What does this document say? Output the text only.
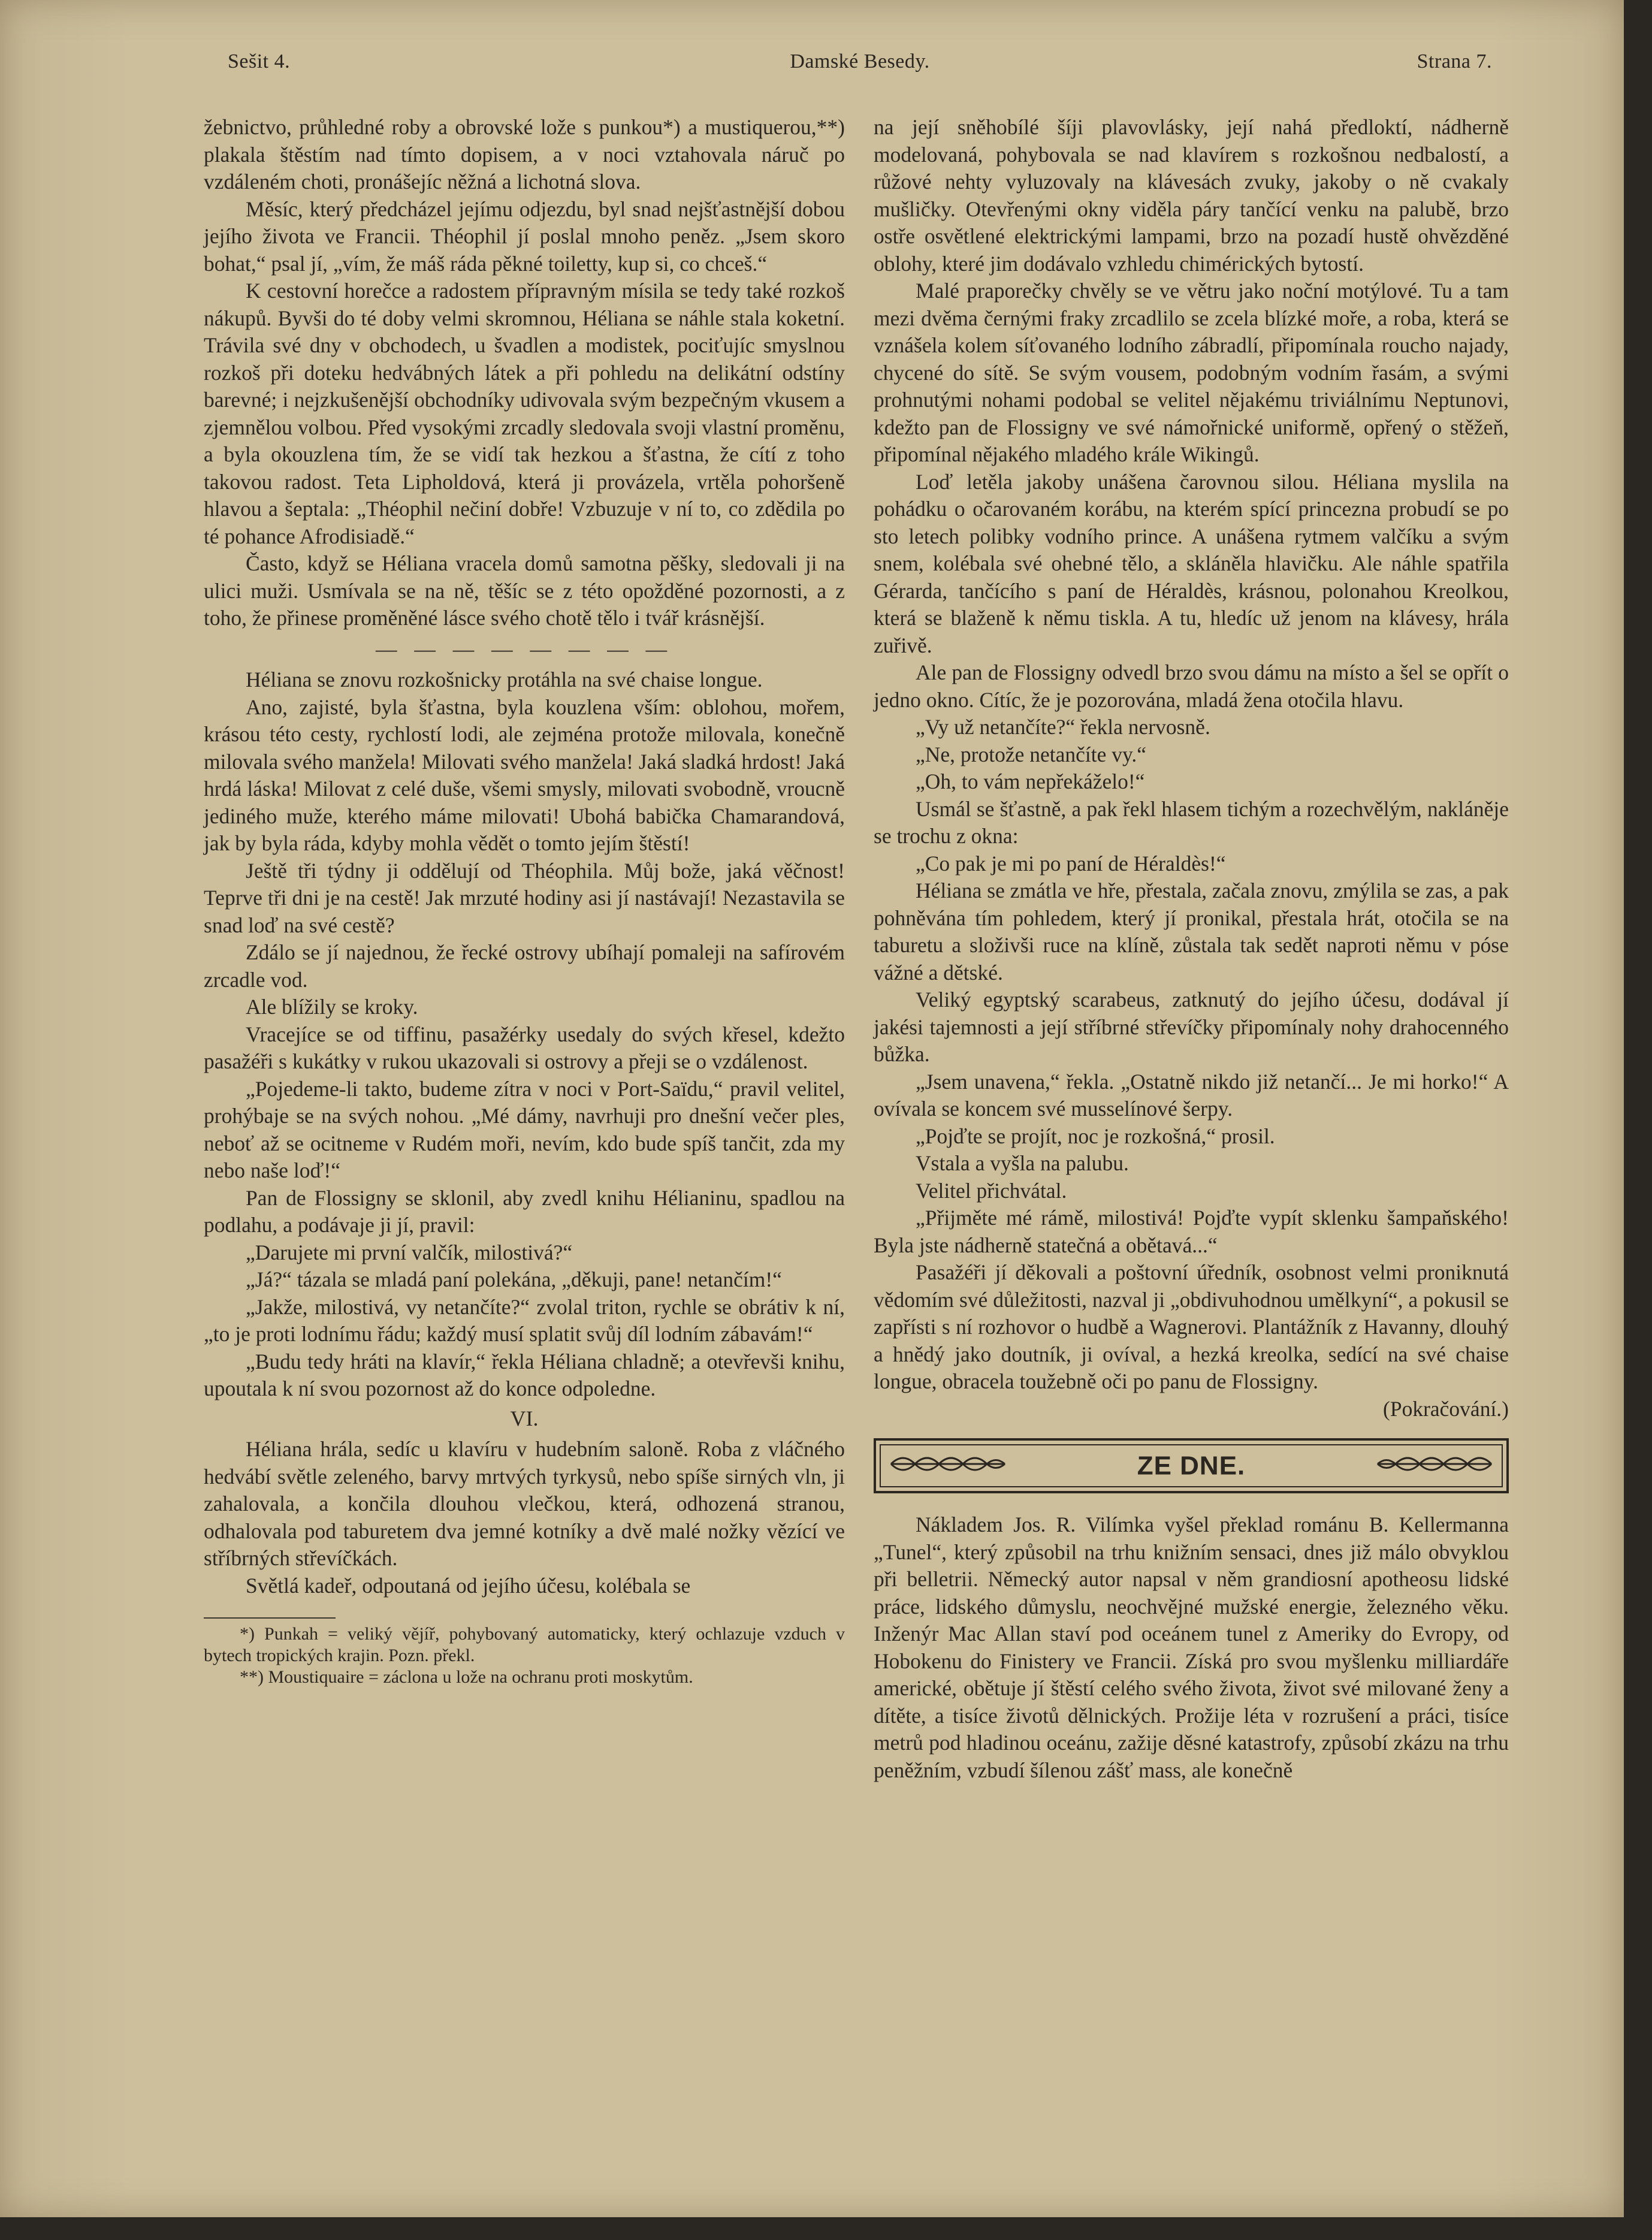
Sešit 4.	Damské Besedy.	Strana 7.

žebnictvo, průhledné roby a obrovské lože s punkou*) a mustiquerou,**) plakala štěstím nad tímto dopisem, a v noci vztahovala náruč po vzdáleném choti, pronášejíc něžná a lichotná slova.

Měsíc, který předcházel jejímu odjezdu, byl snad nejšťastnější dobou jejího života ve Francii. Théophil jí poslal mnoho peněz. „Jsem skoro bohat,“ psal jí, „vím, že máš ráda pěkné toiletty, kup si, co chceš.“

K cestovní horečce a radostem přípravným mísila se tedy také rozkoš nákupů. Byvši do té doby velmi skromnou, Héliana se náhle stala koketní. Trávila své dny v obchodech, u švadlen a modistek, pociťujíc smyslnou rozkoš při doteku hedvábných látek a při pohledu na delikátní odstíny barevné; i nejzkušenější obchodníky udivovala svým bezpečným vkusem a zjemnělou volbou. Před vysokými zrcadly sledovala svoji vlastní proměnu, a byla okouzlena tím, že se vidí tak hezkou a šťastna, že cítí z toho takovou radost. Teta Lipholdová, která ji provázela, vrtěla pohoršeně hlavou a šeptala: „Théophil nečiní dobře! Vzbuzuje v ní to, co zdědila po té pohance Afrodisiadě.“

Často, když se Héliana vracela domů samotna pěšky, sledovali ji na ulici muži. Usmívala se na ně, těšíc se z této opožděné pozornosti, a z toho, že přinese proměněné lásce svého chotě tělo i tvář krásnější.

— — — — — — — —

Héliana se znovu rozkošnicky protáhla na své chaise longue.

Ano, zajisté, byla šťastna, byla kouzlena vším: oblohou, mořem, krásou této cesty, rychlostí lodi, ale zejména protože milovala, konečně milovala svého manžela! Milovati svého manžela! Jaká sladká hrdost! Jaká hrdá láska! Milovat z celé duše, všemi smysly, milovati svobodně, vroucně jediného muže, kterého máme milovati! Ubohá babička Chamarandová, jak by byla ráda, kdyby mohla vědět o tomto jejím štěstí!

Ještě tři týdny ji oddělují od Théophila. Můj bože, jaká věčnost! Teprve tři dni je na cestě! Jak mrzuté hodiny asi jí nastávají! Nezastavila se snad loď na své cestě?

Zdálo se jí najednou, že řecké ostrovy ubíhají pomaleji na safírovém zrcadle vod.

Ale blížily se kroky.

Vracejíce se od tiffinu, pasažérky usedaly do svých křesel, kdežto pasažéři s kukátky v rukou ukazovali si ostrovy a přeji se o vzdálenost.

„Pojedeme-li takto, budeme zítra v noci v Port-Saïdu,“ pravil velitel, prohýbaje se na svých nohou. „Mé dámy, navrhuji pro dnešní večer ples, neboť až se ocitneme v Rudém moři, nevím, kdo bude spíš tančit, zda my nebo naše loď!“

Pan de Flossigny se sklonil, aby zvedl knihu Hélianinu, spadlou na podlahu, a podávaje ji jí, pravil:

„Darujete mi první valčík, milostivá?“

„Já?“ tázala se mladá paní polekána, „děkuji, pane! netančím!“

„Jakže, milostivá, vy netančíte?“ zvolal triton, rychle se obrátiv k ní, „to je proti lodnímu řádu; každý musí splatit svůj díl lodním zábavám!“

„Budu tedy hráti na klavír,“ řekla Héliana chladně; a otevřevši knihu, upoutala k ní svou pozornost až do konce odpoledne.

VI.

Héliana hrála, sedíc u klavíru v hudebním saloně. Roba z vláčného hedvábí světle zeleného, barvy mrtvých tyrkysů, nebo spíše sirných vln, ji zahalovala, a končila dlouhou vlečkou, která, odhozená stranou, odhalovala pod taburetem dva jemné kotníky a dvě malé nožky vězící ve stříbrných střevíčkách.

Světlá kadeř, odpoutaná od jejího účesu, kolébala se

*) Punkah = veliký vějíř, pohybovaný automaticky, který ochlazuje vzduch v bytech tropických krajin. Pozn. překl.

**) Moustiquaire = záclona u lože na ochranu proti moskytům.

na její sněhobílé šíji plavovlásky, její nahá předloktí, nádherně modelovaná, pohybovala se nad klavírem s rozkošnou nedbalostí, a růžové nehty vyluzovaly na klávesách zvuky, jakoby o ně cvakaly mušličky. Otevřenými okny viděla páry tančící venku na palubě, brzo ostře osvětlené elektrickými lampami, brzo na pozadí hustě ohvězděné oblohy, které jim dodávalo vzhledu chimérických bytostí.

Malé praporečky chvěly se ve větru jako noční motýlové. Tu a tam mezi dvěma černými fraky zrcadlilo se zcela blízké moře, a roba, která se vznášela kolem síťovaného lodního zábradlí, připomínala roucho najady, chycené do sítě. Se svým vousem, podobným vodním řasám, a svými prohnutými nohami podobal se velitel nějakému triviálnímu Neptunovi, kdežto pan de Flossigny ve své námořnické uniformě, opřený o stěžeň, připomínal nějakého mladého krále Wikingů.

Loď letěla jakoby unášena čarovnou silou. Héliana myslila na pohádku o očarovaném korábu, na kterém spící princezna probudí se po sto letech polibky vodního prince. A unášena rytmem valčíku a svým snem, kolébala své ohebné tělo, a skláněla hlavičku. Ale náhle spatřila Gérarda, tančícího s paní de Héraldès, krásnou, polonahou Kreolkou, která se blaženě k němu tiskla. A tu, hledíc už jenom na klávesy, hrála zuřivě.

Ale pan de Flossigny odvedl brzo svou dámu na místo a šel se opřít o jedno okno. Cítíc, že je pozorována, mladá žena otočila hlavu.

„Vy už netančíte?“ řekla nervosně.

„Ne, protože netančíte vy.“

„Oh, to vám nepřekáželo!“

Usmál se šťastně, a pak řekl hlasem tichým a rozechvělým, nakláněje se trochu z okna:

„Co pak je mi po paní de Héraldès!“

Héliana se zmátla ve hře, přestala, začala znovu, zmýlila se zas, a pak pohněvána tím pohledem, který jí pronikal, přestala hrát, otočila se na taburetu a složivši ruce na klíně, zůstala tak sedět naproti němu v póse vážné a dětské.

Veliký egyptský scarabeus, zatknutý do jejího účesu, dodával jí jakési tajemnosti a její stříbrné střevíčky připomínaly nohy drahocenného bůžka.

„Jsem unavena,“ řekla. „Ostatně nikdo již netančí... Je mi horko!“ A ovívala se koncem své musselínové šerpy.

„Pojďte se projít, noc je rozkošná,“ prosil.

Vstala a vyšla na palubu.

Velitel přichvátal.

„Přijměte mé rámě, milostivá! Pojďte vypít sklenku šampaňského! Byla jste nádherně statečná a obětavá...“

Pasažéři jí děkovali a poštovní úředník, osobnost velmi proniknutá vědomím své důležitosti, nazval ji „obdivuhodnou umělkyní“, a pokusil se zapřísti s ní rozhovor o hudbě a Wagnerovi. Plantážník z Havanny, dlouhý a hnědý jako doutník, ji ovíval, a hezká kreolka, sedící na své chaise longue, obracela toužebně oči po panu de Flossigny.

(Pokračování.)
ZE DNE.

Nákladem Jos. R. Vilímka vyšel překlad románu B. Kellermanna „Tunel“, který způsobil na trhu knižním sensaci, dnes již málo obvyklou při belletrii. Německý autor napsal v něm grandiosní apotheosu lidské práce, lidského důmyslu, neochvějné mužské energie, železného věku. Inženýr Mac Allan staví pod oceánem tunel z Ameriky do Evropy, od Hobokenu do Finistery ve Francii. Získá pro svou myšlenku milliardáře americké, obětuje jí štěstí celého svého života, život své milované ženy a dítěte, a tisíce životů dělnických. Prožije léta v rozrušení a práci, tisíce metrů pod hladinou oceánu, zažije děsné katastrofy, způsobí zkázu na trhu peněžním, vzbudí šílenou zášť mass, ale konečně
